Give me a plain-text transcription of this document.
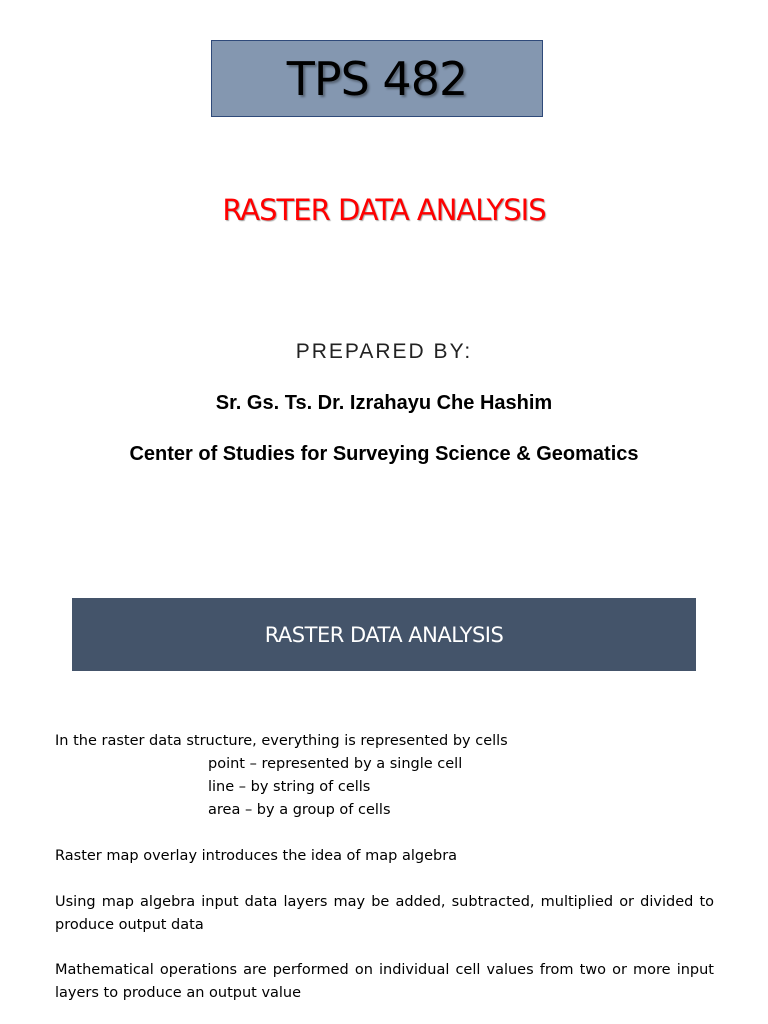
TPS 482
RASTER DATA ANALYSIS
PREPARED BY:
Sr. Gs. Ts. Dr. Izrahayu Che Hashim
Center of Studies for Surveying Science & Geomatics
RASTER DATA ANALYSIS
In the raster data structure, everything is represented by cells
point – represented by a single cell
line – by string of cells
area – by a group of cells
Raster map overlay introduces the idea of map algebra
Using map algebra input data layers may be added, subtracted, multiplied or divided to produce output data
Mathematical operations are performed on individual cell values from two or more input layers to produce an output value
